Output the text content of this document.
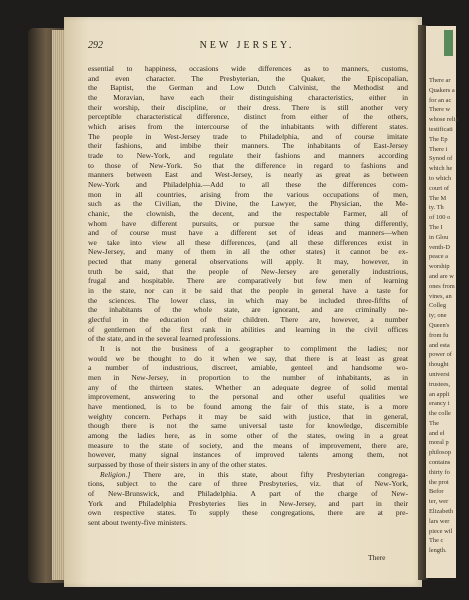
There ar
Quakers a
for an ac
There w
whose relig
testificati
The Ep
There i
Synod of
which he
to which
court of
The M
ty. Th
of 100 o
The I
in Glou
venth-D
peace a
worship
and are w
ones from
vines, an
Colleg
ty; one
Queen's
from fu
and esta
power of
thought
universi
trustees,
an appli
erancy i
the colle
The
and el
moral p
philosop
contains
thirty fo
the prot
Befor
ter, wer
Elizabeth
lars wer
piece wil
The c
length.
292	NEW JERSEY.
essential to happiness, occasions wide differences as to manners, customs,
and even character. The Presbyterian, the Quaker, the Episcopalian,
the Baptist, the German and Low Dutch Calvinist, the Methodist and
the Moravian, have each their distinguishing characteristics, either in
their worship, their discipline, or their dress. There is still another very
perceptible characteristical difference, distinct from either of the others,
which arises from the intercourse of the inhabitants with different states.
The people in West-Jersey trade to Philadelphia, and of course imitate
their fashions, and imbibe their manners. The inhabitants of East-Jersey
trade to New-York, and regulate their fashions and manners according
to those of New-York. So that the difference in regard to fashions and
manners between East and West-Jersey, is nearly as great as between
New-York and Philadelphia.—Add to all these the differences com-
mon in all countries, arising from the various occupations of men,
such as the Civilian, the Divine, the Lawyer, the Physician, the Me-
chanic, the clownish, the decent, and the respectable Farmer, all of
whom have different pursuits, or pursue the same thing differently,
and of course must have a different set of ideas and manners—when
we take into view all these differences, (and all these differences exist in
New-Jersey, and many of them in all the other states) it cannot be ex-
pected that many general observations will apply. It may, however, in
truth be said, that the people of New-Jersey are generally industrious,
frugal and hospitable. There are comparatively but few men of learning
in the state, nor can it be said that the people in general have a taste for
the sciences. The lower class, in which may be included three-fifths of
the inhabitants of the whole state, are ignorant, and are criminally ne-
glectful in the education of their children. There are, however, a number
of gentlemen of the first rank in abilities and learning in the civil offices
of the state, and in the several learned professions.
It is not the business of a geographer to compliment the ladies; nor
would we be thought to do it when we say, that there is at least as great
a number of industrious, discreet, amiable, genteel and handsome wo-
men in New-Jersey, in proportion to the number of inhabitants, as in
any of the thirteen states. Whether an adequate degree of solid mental
improvement, answering to the personal and other useful qualities we
have mentioned, is to be found among the fair of this state, is a more
weighty concern. Perhaps it may be said with justice, that in general,
though there is not the same universal taste for knowledge, discernible
among the ladies here, as in some other of the states, owing in a great
measure to the state of society, and the means of improvement, there are,
however, many signal instances of improved talents among them, not
surpassed by those of their sisters in any of the other states.
Religion.] There are, in this state, about fifty Presbyterian congrega-
tions, subject to the care of three Presbyteries, viz. that of New-York,
of New-Brunswick, and Philadelphia. A part of the charge of New-
York and Philadelphia Presbyteries lies in New-Jersey, and part in their
own respective states. To supply these congregations, there are at pre-
sent about twenty-five ministers.
There
